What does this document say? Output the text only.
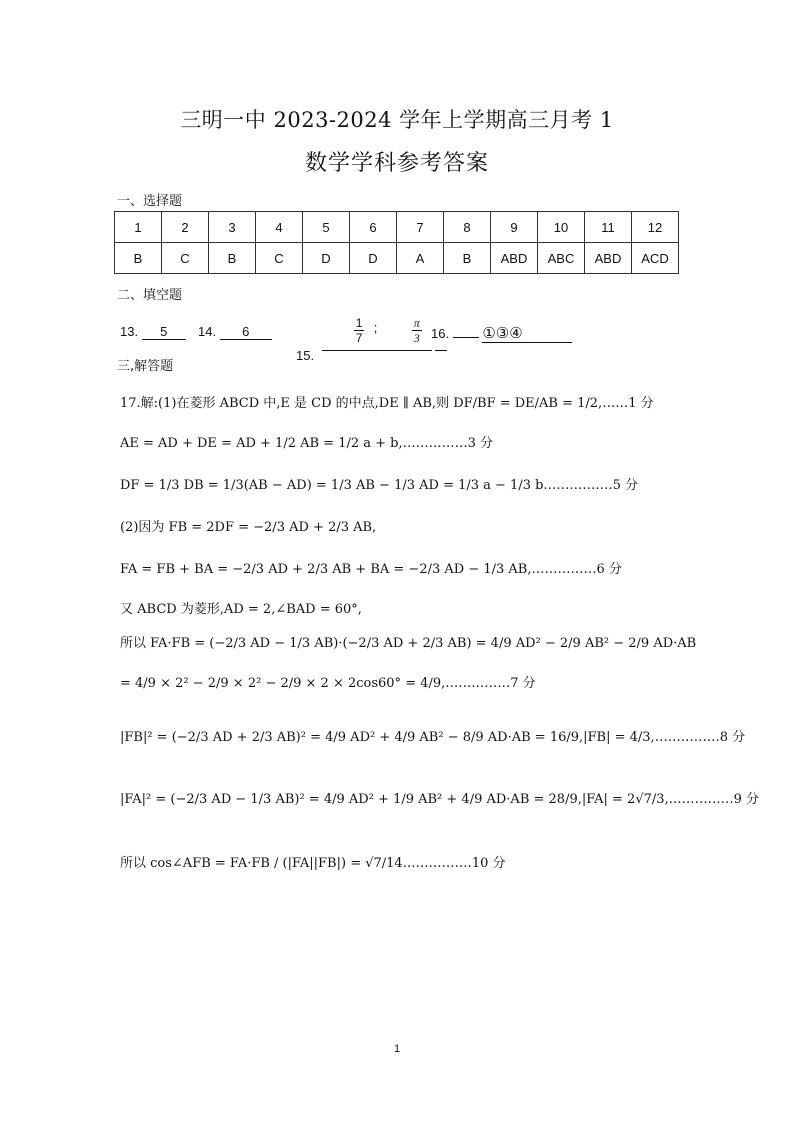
三明一中 2023-2024 学年上学期高三月考 1
数学学科参考答案
一、选择题
1	2	3	4	5	6	7	8	9	10	11	12
B	C	B	C	D	D	A	B	ABD	ABC	ABD	ACD
二、填空题
13. 5	14. 6
15.
$\frac{1}{7}$ ;	$\frac{\pi}{3}$
16. ①③④
三,解答题
17.解:(1)在菱形 ABCD 中,E 是 CD 的中点,DE ∥ AB,则 DF/BF = DE/AB = 1/2,……1 分
AE = AD + DE = AD + 1/2 AB = 1/2 a + b,……………3 分
DF = 1/3 DB = 1/3(AB − AD) = 1/3 AB − 1/3 AD = 1/3 a − 1/3 b.……………5 分
(2)因为 FB = 2DF = −2/3 AD + 2/3 AB,
FA = FB + BA = −2/3 AD + 2/3 AB + BA = −2/3 AD − 1/3 AB,……………6 分
又 ABCD 为菱形,AD = 2,∠BAD = 60°,
所以 FA·FB = (−2/3 AD − 1/3 AB)·(−2/3 AD + 2/3 AB) = 4/9 AD² − 2/9 AB² − 2/9 AD·AB
= 4/9 × 2² − 2/9 × 2² − 2/9 × 2 × 2cos60° = 4/9,……………7 分
|FB|² = (−2/3 AD + 2/3 AB)² = 4/9 AD² + 4/9 AB² − 8/9 AD·AB = 16/9,|FB| = 4/3,……………8 分
|FA|² = (−2/3 AD − 1/3 AB)² = 4/9 AD² + 1/9 AB² + 4/9 AD·AB = 28/9,|FA| = 2√7/3,……………9 分
所以 cos∠AFB = FA·FB / (|FA||FB|) = √7/14.……………10 分
1
